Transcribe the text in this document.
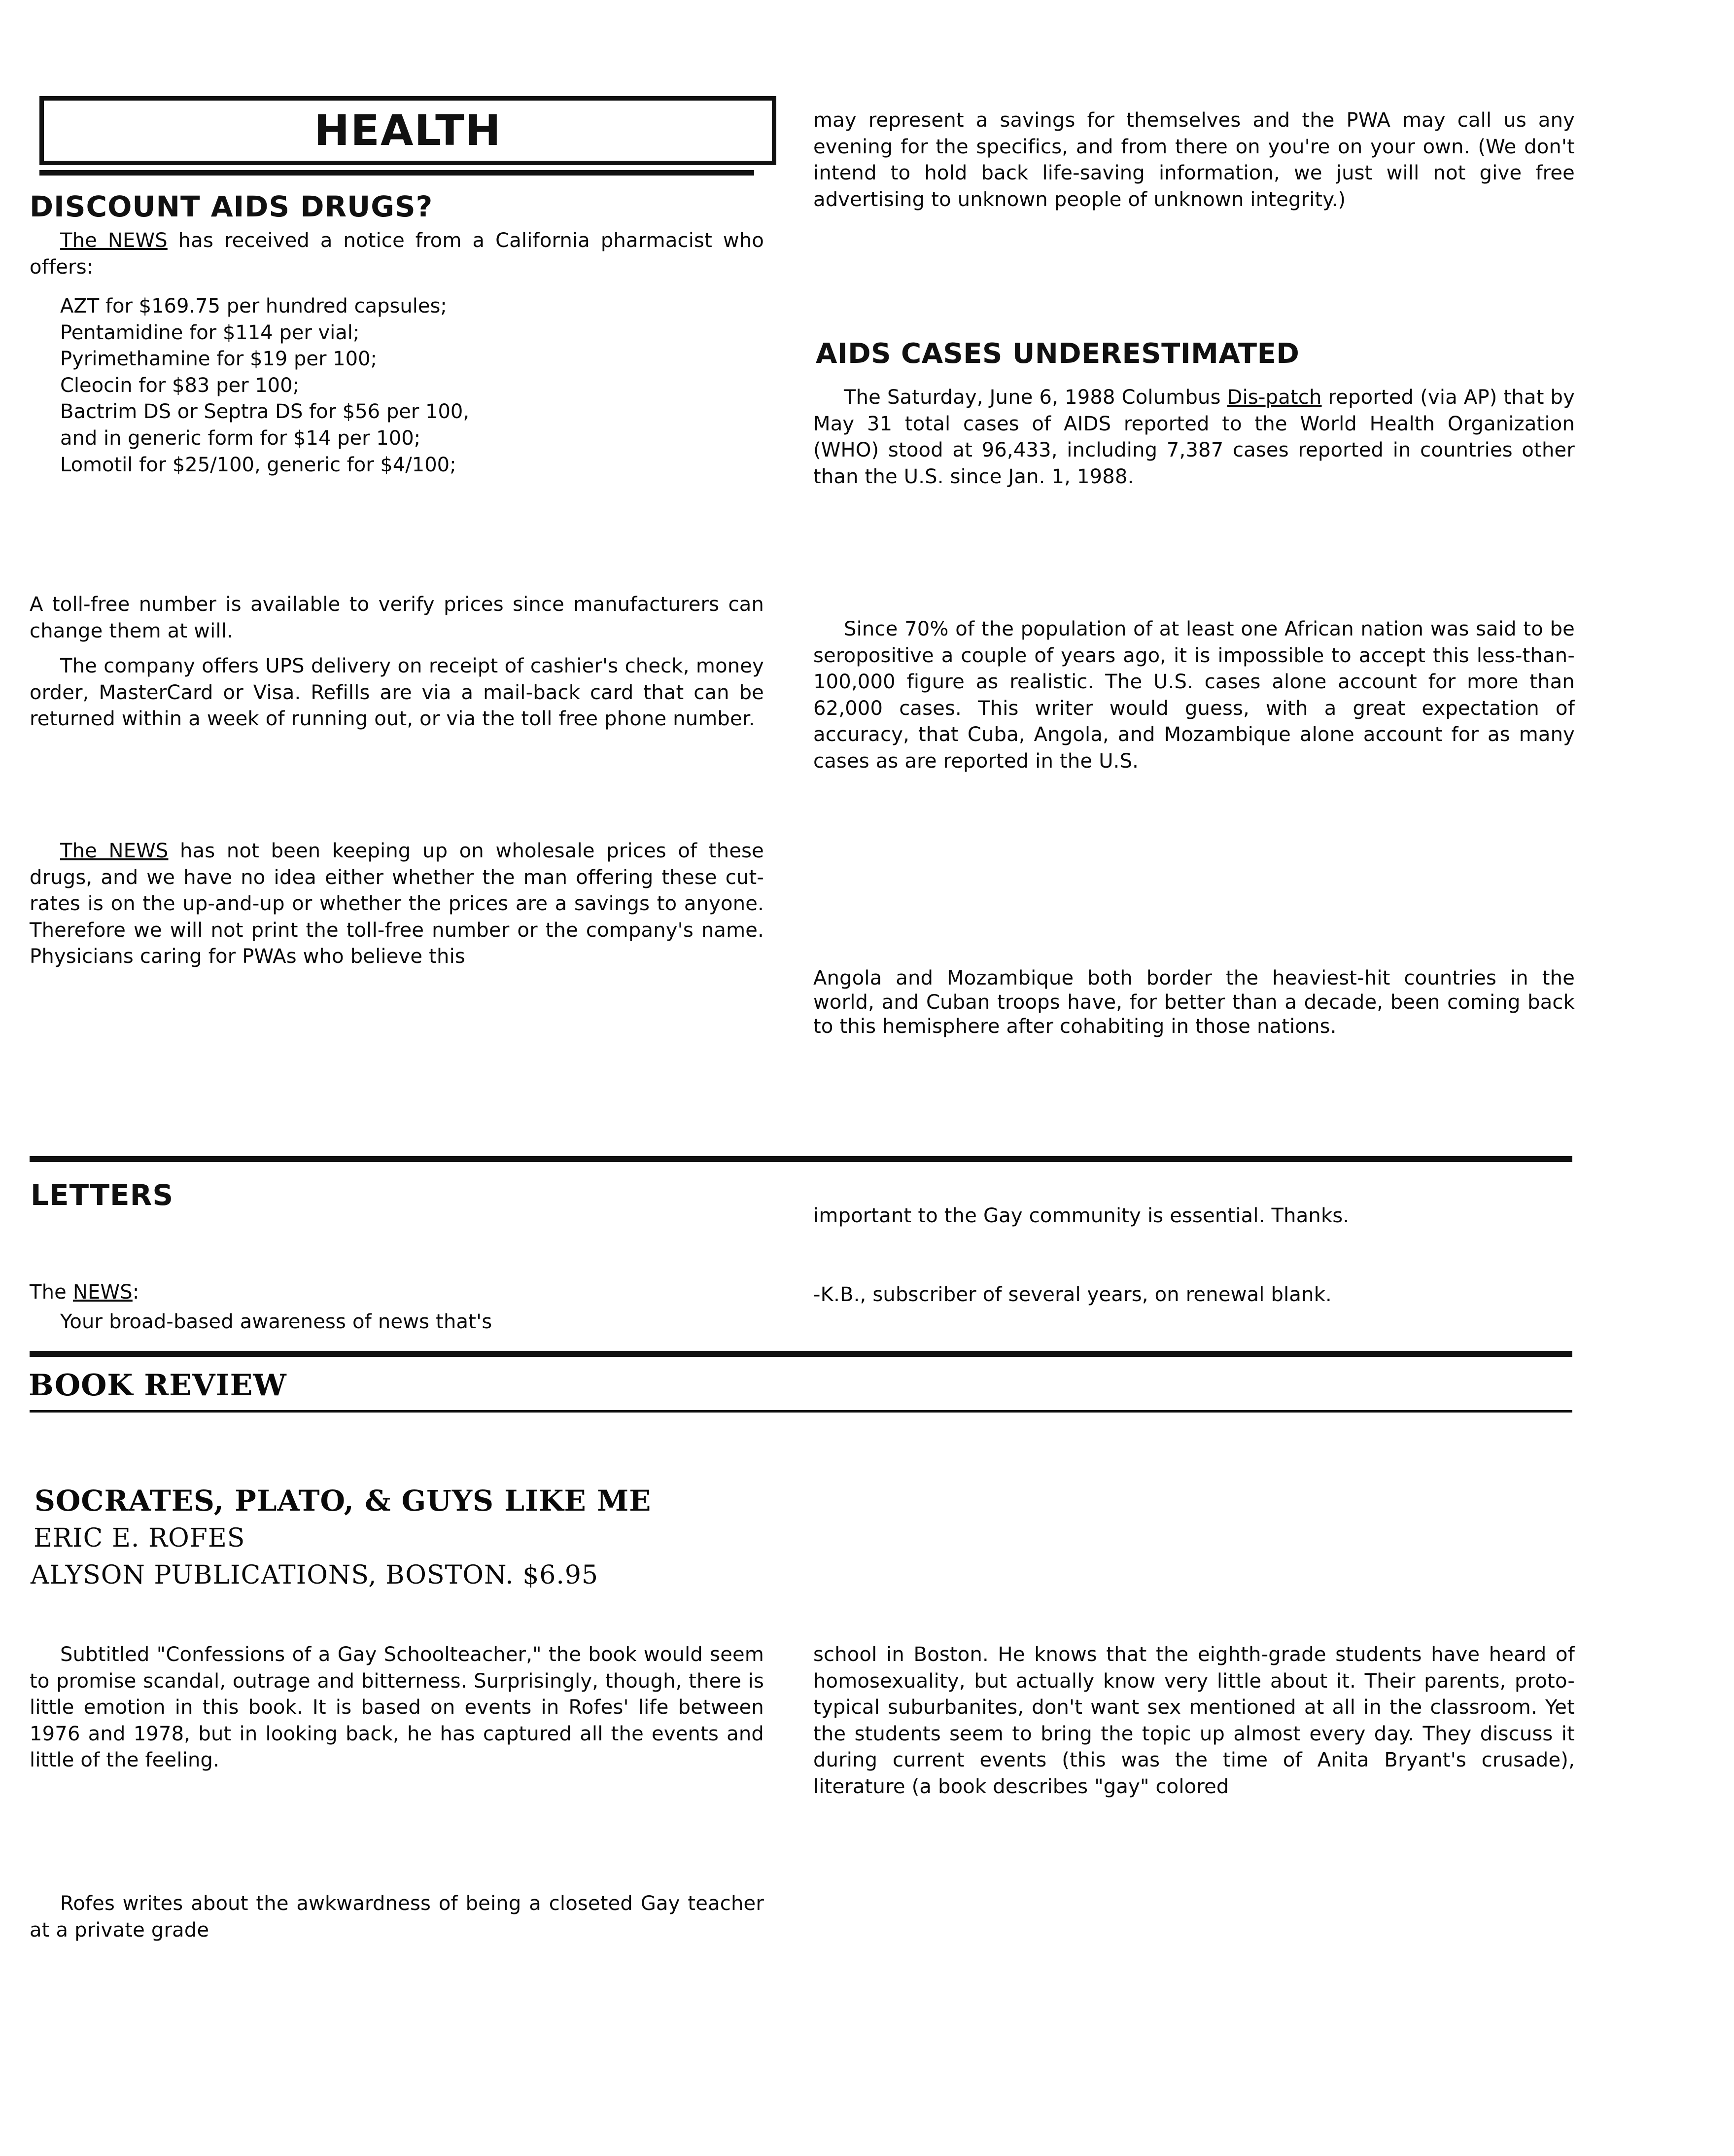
HEALTH
DISCOUNT AIDS DRUGS?

The NEWS has received a notice from a California pharmacist who offers:

AZT for $169.75 per hundred capsules;
Pentamidine for $114 per vial;
Pyrimethamine for $19 per 100;
Cleocin for $83 per 100;
Bactrim DS or Septra DS for $56 per 100,
and in generic form for $14 per 100;
Lomotil for $25/100, generic for $4/100;

A toll-free number is available to verify prices since manufacturers can change them at will.

The company offers UPS delivery on receipt of cashier's check, money order, MasterCard or Visa. Refills are via a mail-back card that can be returned within a week of running out, or via the toll free phone number.

The NEWS has not been keeping up on wholesale prices of these drugs, and we have no idea either whether the man offering these cut-rates is on the up-and-up or whether the prices are a savings to anyone. Therefore we will not print the toll-free number or the company's name. Physicians caring for PWAs who believe this

may represent a savings for themselves and the PWA may call us any evening for the specifics, and from there on you're on your own. (We don't intend to hold back life-saving information, we just will not give free advertising to unknown people of unknown integrity.)

AIDS CASES UNDERESTIMATED

The Saturday, June 6, 1988 Columbus Dis-patch reported (via AP) that by May 31 total cases of AIDS reported to the World Health Organization (WHO) stood at 96,433, including 7,387 cases reported in countries other than the U.S. since Jan. 1, 1988.

Since 70% of the population of at least one African nation was said to be seropositive a couple of years ago, it is impossible to accept this less-than-100,000 figure as realistic. The U.S. cases alone account for more than 62,000 cases. This writer would guess, with a great expectation of accuracy, that Cuba, Angola, and Mozambique alone account for as many cases as are reported in the U.S.

Angola and Mozambique both border the heaviest-hit countries in the world, and Cuban troops have, for better than a decade, been coming back to this hemisphere after cohabiting in those nations.

LETTERS

The NEWS:

Your broad-based awareness of news that's

important to the Gay community is essential. Thanks.

-K.B., subscriber of several years, on renewal blank.

BOOK REVIEW
SOCRATES, PLATO, & GUYS LIKE ME
ERIC E. ROFES
ALYSON PUBLICATIONS, BOSTON. $6.95

Subtitled "Confessions of a Gay Schoolteacher," the book would seem to promise scandal, outrage and bitterness. Surprisingly, though, there is little emotion in this book. It is based on events in Rofes' life between 1976 and 1978, but in looking back, he has captured all the events and little of the feeling.

Rofes writes about the awkwardness of being a closeted Gay teacher at a private grade

school in Boston. He knows that the eighth-grade students have heard of homosexuality, but actually know very little about it. Their parents, proto-typical suburbanites, don't want sex mentioned at all in the classroom. Yet the students seem to bring the topic up almost every day. They discuss it during current events (this was the time of Anita Bryant's crusade), literature (a book describes "gay" colored
